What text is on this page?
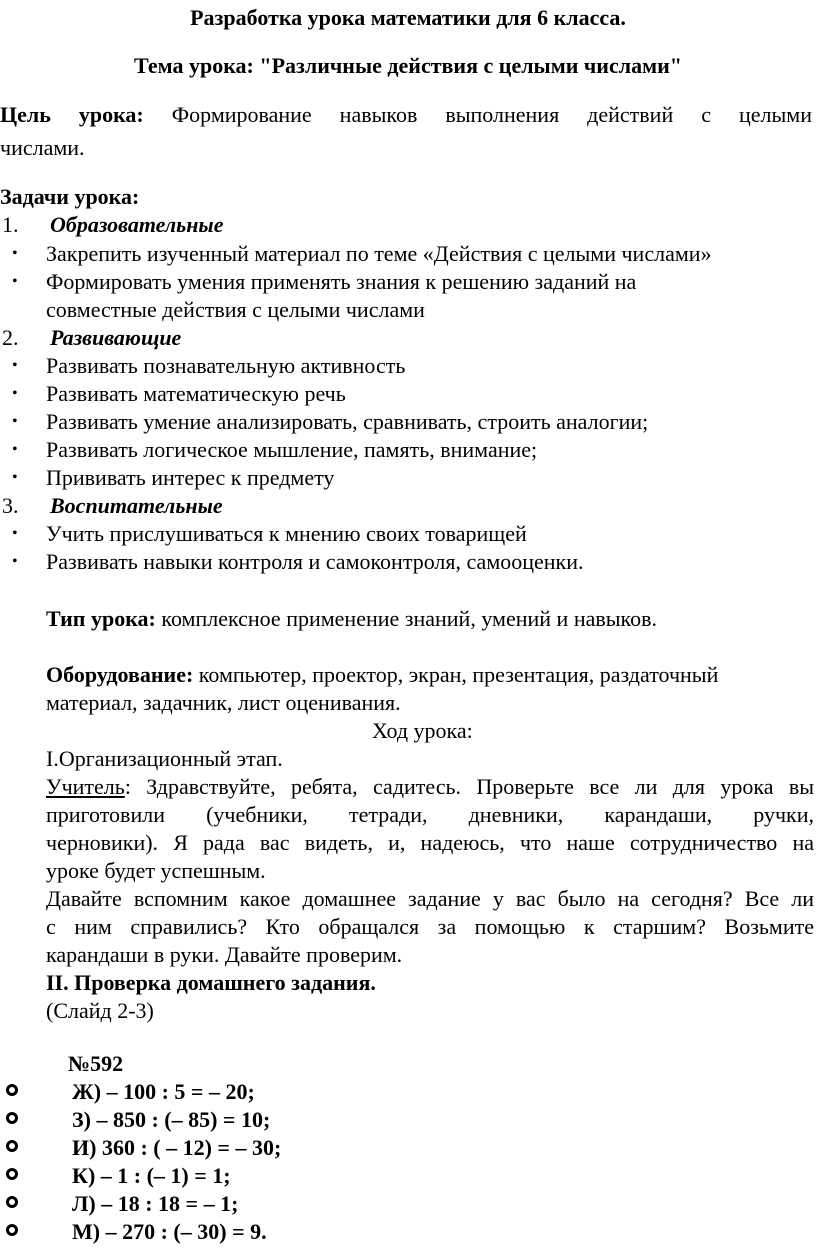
Разработка урока математики для 6 класса.
Тема урока: "Различные действия с целыми числами"
Цель урока: Формирование навыков выполнения действий с целыми
числами.
Задачи урока:
1. Образовательные
• Закрепить изученный материал по теме «Действия с целыми числами»
• Формировать умения применять знания к решению заданий на
совместные действия с целыми числами
2. Развивающие
• Развивать познавательную активность
• Развивать математическую речь
• Развивать умение анализировать, сравнивать, строить аналогии;
• Развивать логическое мышление, память, внимание;
• Прививать интерес к предмету
3. Воспитательные
• Учить прислушиваться к мнению своих товарищей
• Развивать навыки контроля и самоконтроля, самооценки.
Тип урока: комплексное применение знаний, умений и навыков.
Оборудование: компьютер, проектор, экран, презентация, раздаточный
материал, задачник, лист оценивания.
Ход урока:
I.Организационный этап.
Учитель: Здравствуйте, ребята, садитесь. Проверьте все ли для урока вы
приготовили (учебники, тетради, дневники, карандаши, ручки,
черновики). Я рада вас видеть, и, надеюсь, что наше сотрудничество на
уроке будет успешным.
Давайте вспомним какое домашнее задание у вас было на сегодня? Все ли
с ним справились? Кто обращался за помощью к старшим? Возьмите
карандаши в руки. Давайте проверим.
II. Проверка домашнего задания.
(Слайд 2-3)
№592
Ж) – 100 : 5 = – 20;
З) – 850 : (– 85) = 10;
И) 360 : ( – 12) = – 30;
К) – 1 : (– 1) = 1;
Л) – 18 : 18 = – 1;
М) – 270 : (– 30) = 9.
